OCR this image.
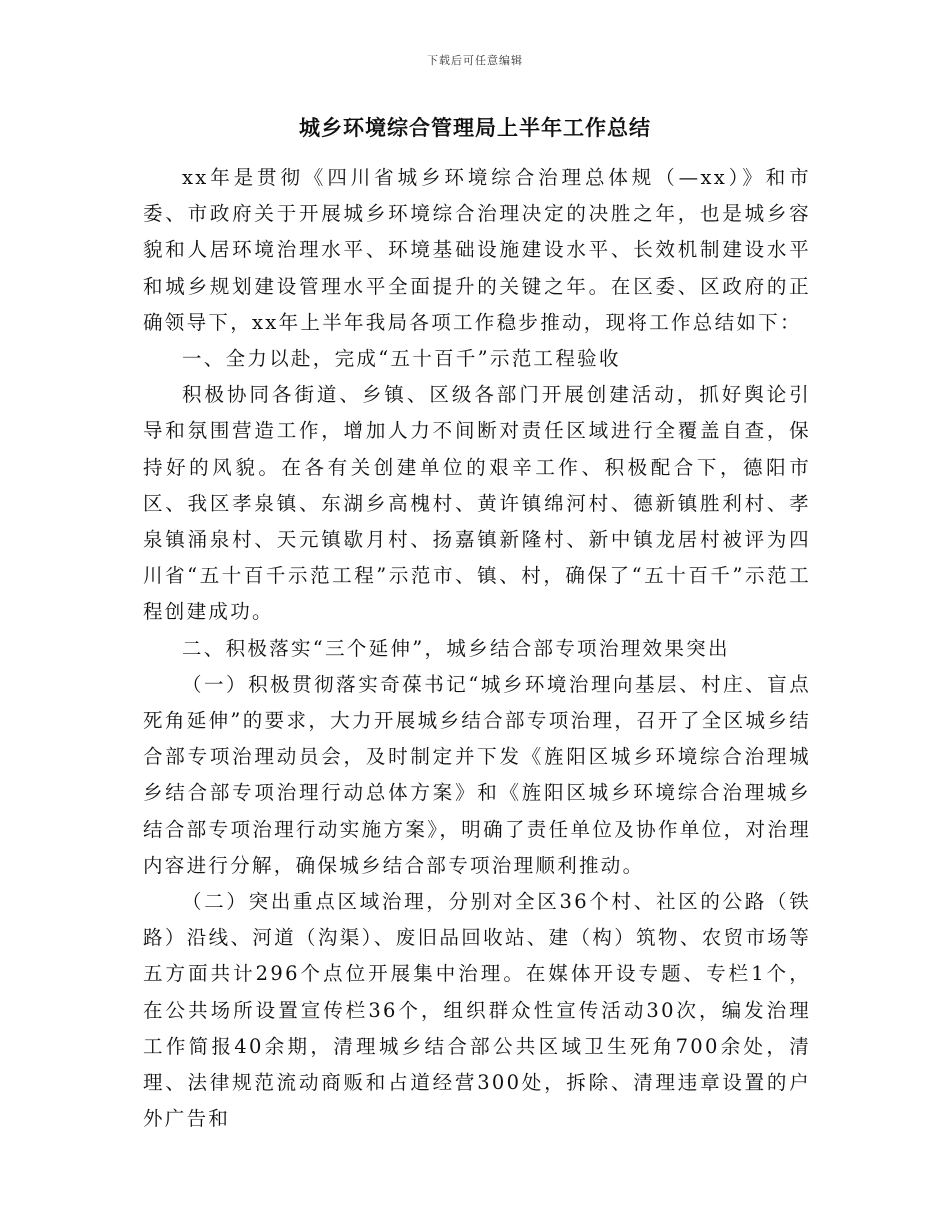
下载后可任意编辑
城乡环境综合管理局上半年工作总结

xx年是贯彻《四川省城乡环境综合治理总体规（—xx）》和市委、市政府关于开展城乡环境综合治理决定的决胜之年，也是城乡容貌和人居环境治理水平、环境基础设施建设水平、长效机制建设水平和城乡规划建设管理水平全面提升的关键之年。在区委、区政府的正确领导下，xx年上半年我局各项工作稳步推动，现将工作总结如下：

一、全力以赴，完成“五十百千”示范工程验收

积极协同各街道、乡镇、区级各部门开展创建活动，抓好舆论引导和氛围营造工作，增加人力不间断对责任区域进行全覆盖自查，保持好的风貌。在各有关创建单位的艰辛工作、积极配合下，德阳市区、我区孝泉镇、东湖乡高槐村、黄许镇绵河村、德新镇胜利村、孝泉镇涌泉村、天元镇歇月村、扬嘉镇新隆村、新中镇龙居村被评为四川省“五十百千示范工程”示范市、镇、村，确保了“五十百千”示范工程创建成功。

二、积极落实“三个延伸”，城乡结合部专项治理效果突出

（一）积极贯彻落实奇葆书记“城乡环境治理向基层、村庄、盲点死角延伸”的要求，大力开展城乡结合部专项治理，召开了全区城乡结合部专项治理动员会，及时制定并下发《旌阳区城乡环境综合治理城乡结合部专项治理行动总体方案》和《旌阳区城乡环境综合治理城乡结合部专项治理行动实施方案》，明确了责任单位及协作单位，对治理内容进行分解，确保城乡结合部专项治理顺利推动。

（二）突出重点区域治理，分别对全区36个村、社区的公路（铁路）沿线、河道（沟渠）、废旧品回收站、建（构）筑物、农贸市场等五方面共计296个点位开展集中治理。在媒体开设专题、专栏1个，在公共场所设置宣传栏36个，组织群众性宣传活动30次，编发治理工作简报40余期，清理城乡结合部公共区域卫生死角700余处，清理、法律规范流动商贩和占道经营300处，拆除、清理违章设置的户外广告和
